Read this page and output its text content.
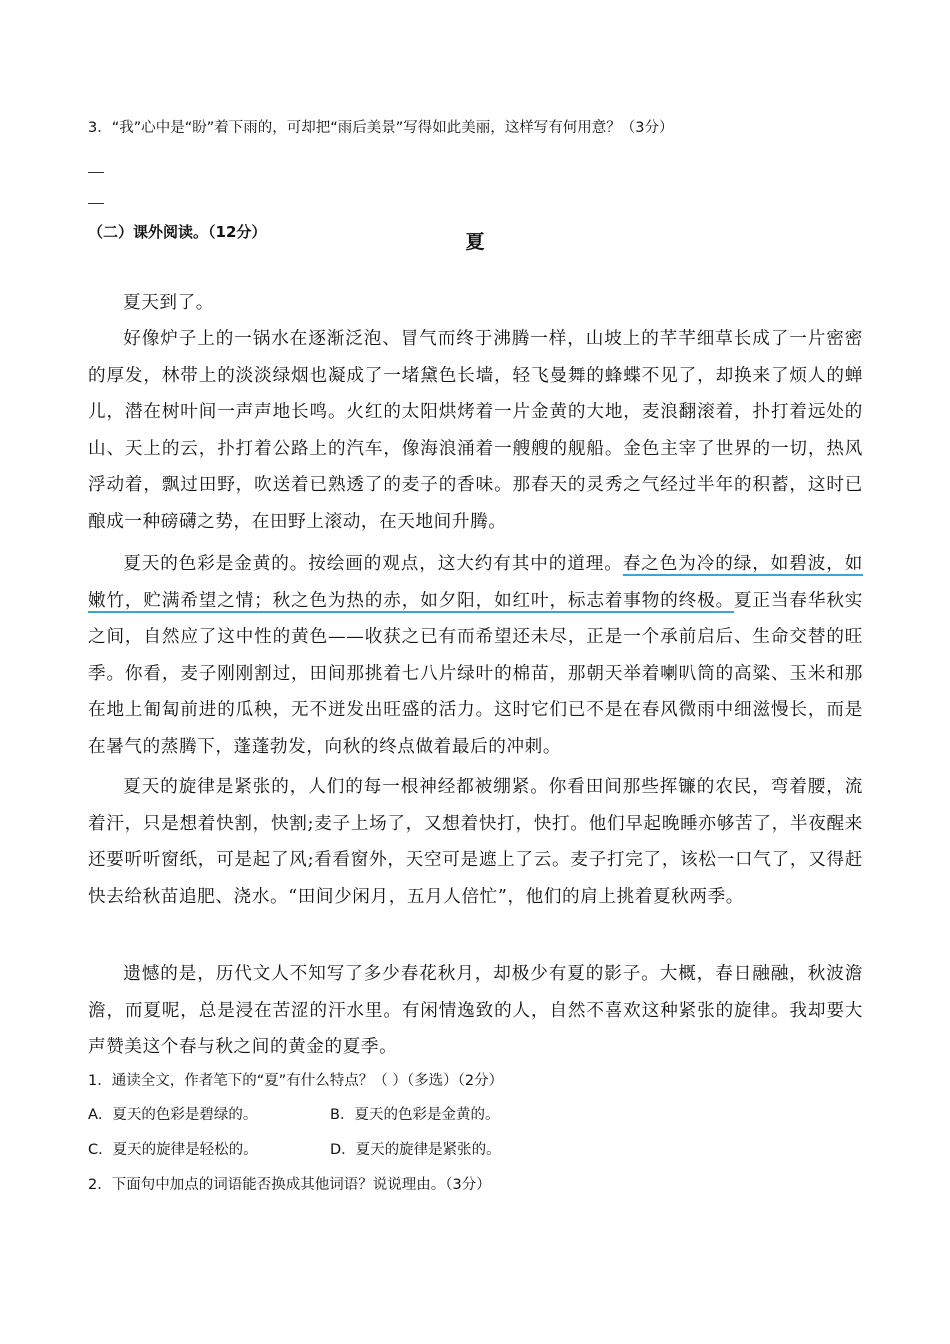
3．“我”心中是“盼”着下雨的，可却把“雨后美景”写得如此美丽，这样写有何用意？（3分）
（二）课外阅读。（12分）	夏
夏天到了。
好像炉子上的一锅水在逐渐泛泡、冒气而终于沸腾一样，山坡上的芊芊细草长成了一片密密的厚发，林带上的淡淡绿烟也凝成了一堵黛色长墙，轻飞曼舞的蜂蝶不见了，却换来了烦人的蝉儿，潜在树叶间一声声地长鸣。火红的太阳烘烤着一片金黄的大地，麦浪翻滚着，扑打着远处的山、天上的云，扑打着公路上的汽车，像海浪涌着一艘艘的舰船。金色主宰了世界的一切，热风浮动着，飘过田野，吹送着已熟透了的麦子的香味。那春天的灵秀之气经过半年的积蓄，这时已酿成一种磅礴之势，在田野上滚动，在天地间升腾。
夏天的色彩是金黄的。按绘画的观点，这大约有其中的道理。春之色为冷的绿，如碧波，如嫩竹，贮满希望之情；秋之色为热的赤，如夕阳，如红叶，标志着事物的终极。夏正当春华秋实之间，自然应了这中性的黄色——收获之已有而希望还未尽，正是一个承前启后、生命交替的旺季。你看，麦子刚刚割过，田间那挑着七八片绿叶的棉苗，那朝天举着喇叭筒的高粱、玉米和那在地上匍匐前进的瓜秧，无不迸发出旺盛的活力。这时它们已不是在春风微雨中细滋慢长，而是在暑气的蒸腾下，蓬蓬勃发，向秋的终点做着最后的冲刺。
夏天的旋律是紧张的，人们的每一根神经都被绷紧。你看田间那些挥镰的农民，弯着腰，流着汗，只是想着快割，快割;麦子上场了，又想着快打，快打。他们早起晚睡亦够苦了，半夜醒来还要听听窗纸，可是起了风;看看窗外，天空可是遮上了云。麦子打完了，该松一口气了，又得赶快去给秋苗追肥、浇水。“田间少闲月，五月人倍忙”，他们的肩上挑着夏秋两季。
遗憾的是，历代文人不知写了多少春花秋月，却极少有夏的影子。大概，春日融融，秋波澹澹，而夏呢，总是浸在苦涩的汗水里。有闲情逸致的人，自然不喜欢这种紧张的旋律。我却要大声赞美这个春与秋之间的黄金的夏季。
1．通读全文，作者笔下的“夏”有什么特点？（ ）（多选）（2分）
A．夏天的色彩是碧绿的。	B．夏天的色彩是金黄的。
C．夏天的旋律是轻松的。	D．夏天的旋律是紧张的。
2．下面句中加点的词语能否换成其他词语？说说理由。（3分）
